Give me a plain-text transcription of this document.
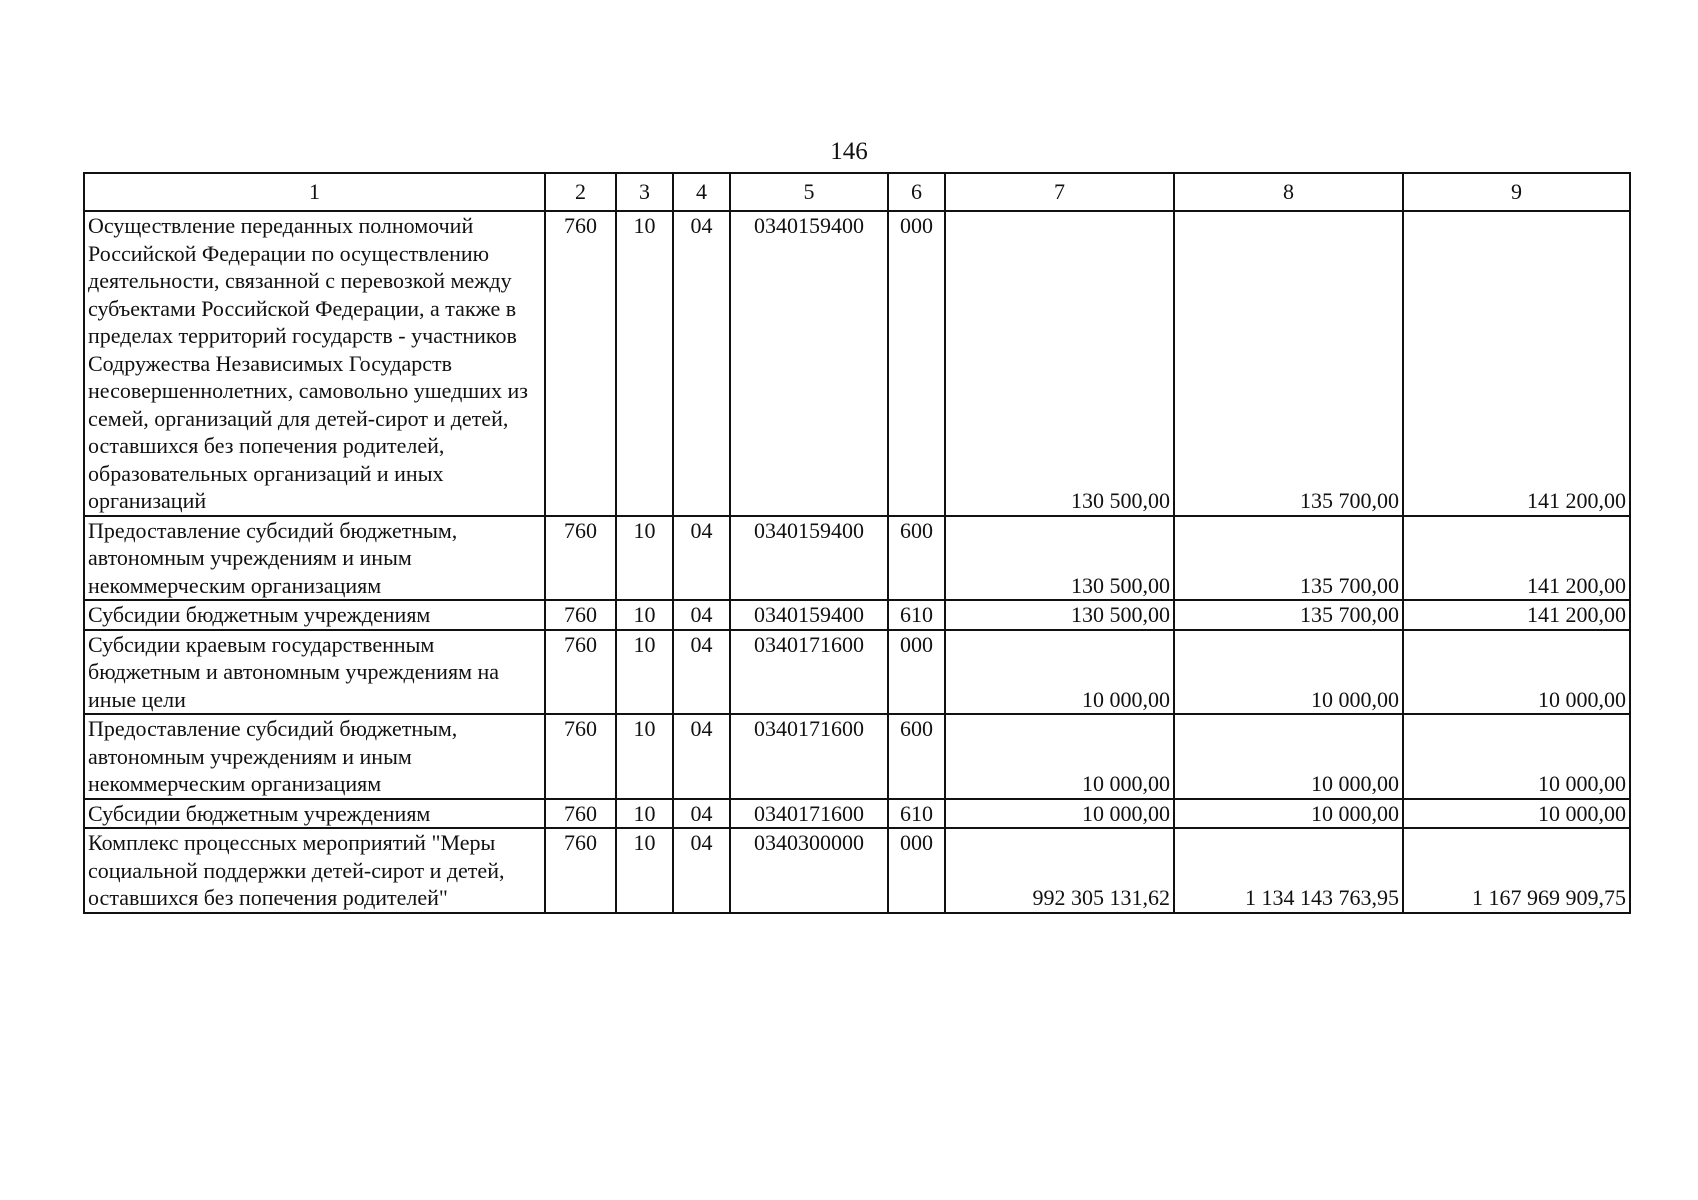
146
1	2	3	4	5	6	7	8	9
Осуществление переданных полномочий Российской Федерации по осуществлению деятельности, связанной с перевозкой между субъектами Российской Федерации, а также в пределах территорий государств - участников Содружества Независимых Государств несовершеннолетних, самовольно ушедших из семей, организаций для детей-сирот и детей, оставшихся без попечения родителей, образовательных организаций и иных организаций	760	10	04	0340159400	000	130 500,00	135 700,00	141 200,00
Предоставление субсидий бюджетным, автономным учреждениям и иным некоммерческим организациям	760	10	04	0340159400	600	130 500,00	135 700,00	141 200,00
Субсидии бюджетным учреждениям	760	10	04	0340159400	610	130 500,00	135 700,00	141 200,00
Субсидии краевым государственным бюджетным и автономным учреждениям на иные цели	760	10	04	0340171600	000	10 000,00	10 000,00	10 000,00
Предоставление субсидий бюджетным, автономным учреждениям и иным некоммерческим организациям	760	10	04	0340171600	600	10 000,00	10 000,00	10 000,00
Субсидии бюджетным учреждениям	760	10	04	0340171600	610	10 000,00	10 000,00	10 000,00
Комплекс процессных мероприятий "Меры социальной поддержки детей-сирот и детей, оставшихся без попечения родителей"	760	10	04	0340300000	000	992 305 131,62	1 134 143 763,95	1 167 969 909,75
